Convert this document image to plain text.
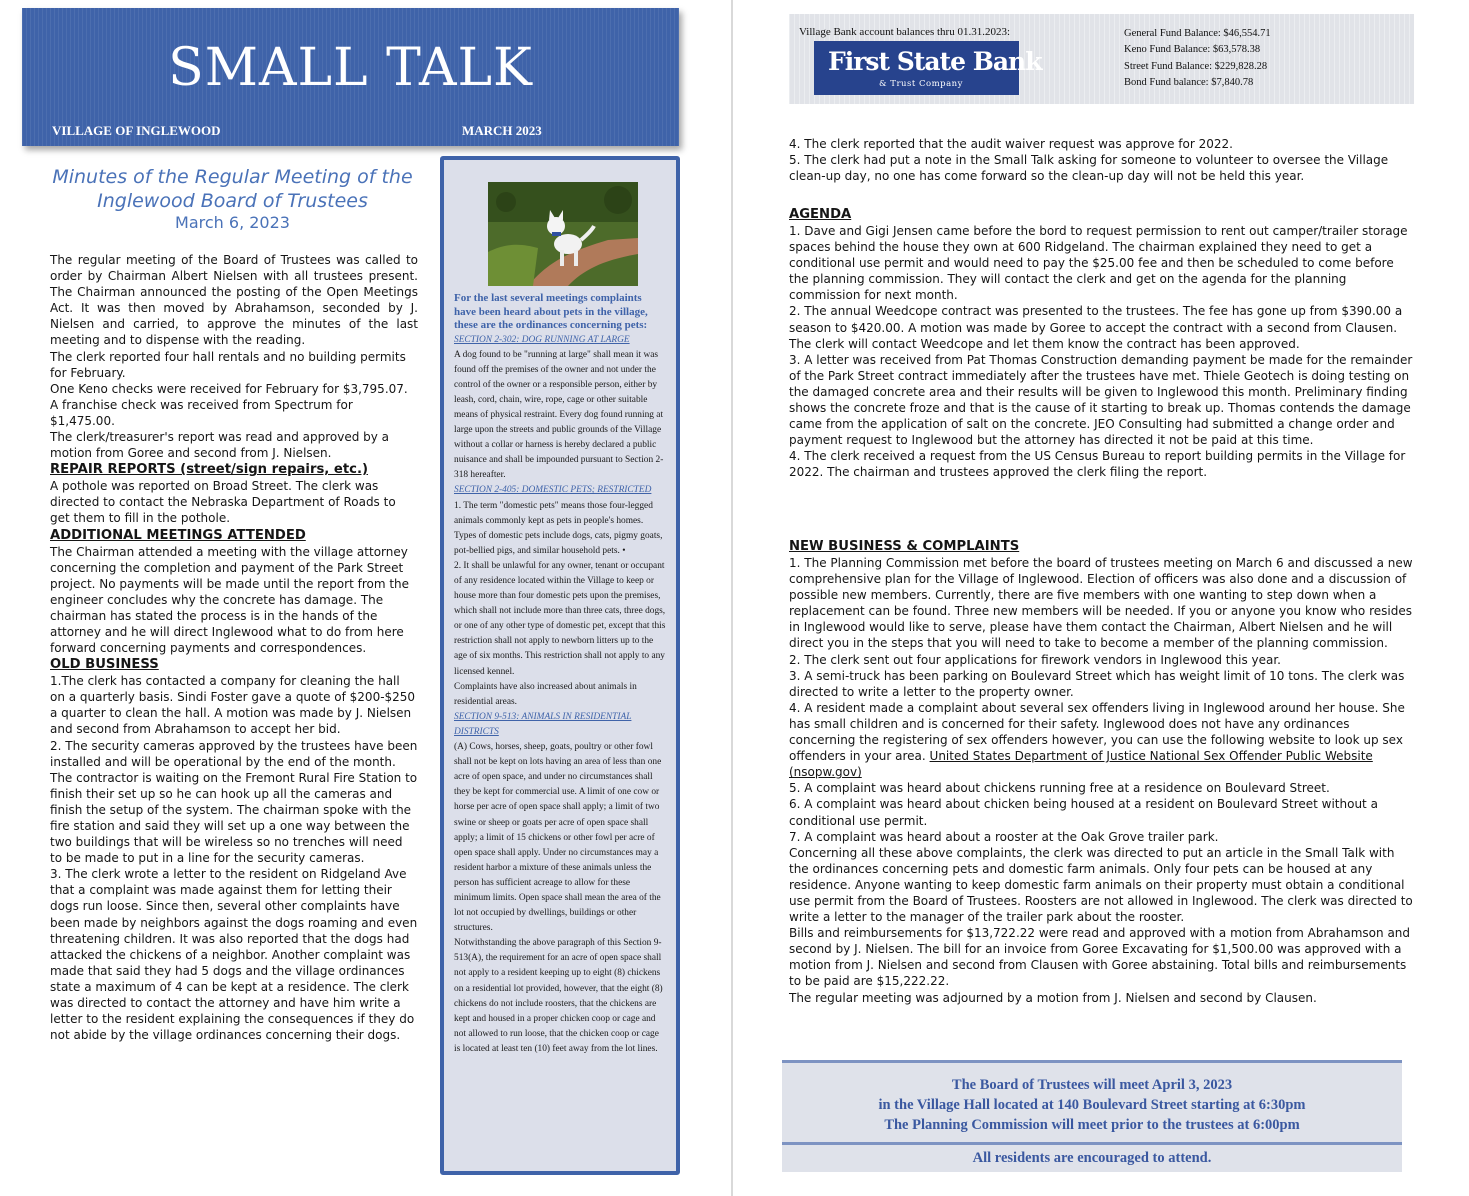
SMALL TALK
VILLAGE OF INGLEWOOD	MARCH 2023
Minutes of the Regular Meeting of the
Inglewood Board of Trustees
March 6, 2023

The regular meeting of the Board of Trustees was called to order by Chairman Albert Nielsen with all trustees present. The Chairman announced the posting of the Open Meetings Act. It was then moved by Abrahamson, seconded by J. Nielsen and carried, to approve the minutes of the last meeting and to dispense with the reading.

The clerk reported four hall rentals and no building permits for February.

One Keno checks were received for February for $3,795.07.

A franchise check was received from Spectrum for $1,475.00.

The clerk/treasurer's report was read and approved by a motion from Goree and second from J. Nielsen.

REPAIR REPORTS (street/sign repairs, etc.)

A pothole was reported on Broad Street. The clerk was directed to contact the Nebraska Department of Roads to get them to fill in the pothole.

ADDITIONAL MEETINGS ATTENDED

The Chairman attended a meeting with the village attorney concerning the completion and payment of the Park Street project. No payments will be made until the report from the engineer concludes why the concrete has damage. The chairman has stated the process is in the hands of the attorney and he will direct Inglewood what to do from here forward concerning payments and correspondences.

OLD BUSINESS

1.The clerk has contacted a company for cleaning the hall on a quarterly basis. Sindi Foster gave a quote of $200-$250 a quarter to clean the hall. A motion was made by J. Nielsen and second from Abrahamson to accept her bid.

2. The security cameras approved by the trustees have been installed and will be operational by the end of the month. The contractor is waiting on the Fremont Rural Fire Station to finish their set up so he can hook up all the cameras and finish the setup of the system. The chairman spoke with the fire station and said they will set up a one way between the two buildings that will be wireless so no trenches will need to be made to put in a line for the security cameras.

3. The clerk wrote a letter to the resident on Ridgeland Ave that a complaint was made against them for letting their dogs run loose. Since then, several other complaints have been made by neighbors against the dogs roaming and even threatening children. It was also reported that the dogs had attacked the chickens of a neighbor. Another complaint was made that said they had 5 dogs and the village ordinances state a maximum of 4 can be kept at a residence. The clerk was directed to contact the attorney and have him write a letter to the resident explaining the consequences if they do not abide by the village ordinances concerning their dogs.

For the last several meetings complaints have been heard about pets in the village, these are the ordinances concerning pets:
SECTION 2-302: DOG RUNNING AT LARGE
A dog found to be "running at large" shall mean it was found off the premises of the owner and not under the control of the owner or a responsible person, either by leash, cord, chain, wire, rope, cage or other suitable means of physical restraint. Every dog found running at large upon the streets and public grounds of the Village without a collar or harness is hereby declared a public nuisance and shall be impounded pursuant to Section 2-318 hereafter.
SECTION 2-405: DOMESTIC PETS; RESTRICTED
1. The term "domestic pets" means those four-legged animals commonly kept as pets in people's homes. Types of domestic pets include dogs, cats, pigmy goats, pot-bellied pigs, and similar household pets. •
2. It shall be unlawful for any owner, tenant or occupant of any residence located within the Village to keep or house more than four domestic pets upon the premises, which shall not include more than three cats, three dogs, or one of any other type of domestic pet, except that this restriction shall not apply to newborn litters up to the age of six months. This restriction shall not apply to any licensed kennel.
Complaints have also increased about animals in residential areas.
SECTION 9-513: ANIMALS IN RESIDENTIAL DISTRICTS
(A) Cows, horses, sheep, goats, poultry or other fowl shall not be kept on lots having an area of less than one acre of open space, and under no circumstances shall they be kept for commercial use. A limit of one cow or horse per acre of open space shall apply; a limit of two swine or sheep or goats per acre of open space shall apply; a limit of 15 chickens or other fowl per acre of open space shall apply. Under no circumstances may a resident harbor a mixture of these animals unless the person has sufficient acreage to allow for these minimum limits. Open space shall mean the area of the lot not occupied by dwellings, buildings or other structures.
Notwithstanding the above paragraph of this Section 9-513(A), the requirement for an acre of open space shall not apply to a resident keeping up to eight (8) chickens on a residential lot provided, however, that the eight (8) chickens do not include roosters, that the chickens are kept and housed in a proper chicken coop or cage and not allowed to run loose, that the chicken coop or cage is located at least ten (10) feet away from the lot lines.
Village Bank account balances thru 01.31.2023:
First State Bank
& Trust Company
General Fund Balance: $46,554.71
Keno Fund Balance: $63,578.38
Street Fund Balance: $229,828.28
Bond Fund balance: $7,840.78

4. The clerk reported that the audit waiver request was approve for 2022.

5. The clerk had put a note in the Small Talk asking for someone to volunteer to oversee the Village clean-up day, no one has come forward so the clean-up day will not be held this year.

AGENDA

1. Dave and Gigi Jensen came before the bord to request permission to rent out camper/trailer storage spaces behind the house they own at 600 Ridgeland. The chairman explained they need to get a conditional use permit and would need to pay the $25.00 fee and then be scheduled to come before the planning commission. They will contact the clerk and get on the agenda for the planning commission for next month.

2. The annual Weedcope contract was presented to the trustees. The fee has gone up from $390.00 a season to $420.00. A motion was made by Goree to accept the contract with a second from Clausen. The clerk will contact Weedcope and let them know the contract has been approved.

3. A letter was received from Pat Thomas Construction demanding payment be made for the remainder of the Park Street contract immediately after the trustees have met. Thiele Geotech is doing testing on the damaged concrete area and their results will be given to Inglewood this month. Preliminary finding shows the concrete froze and that is the cause of it starting to break up. Thomas contends the damage came from the application of salt on the concrete. JEO Consulting had submitted a change order and payment request to Inglewood but the attorney has directed it not be paid at this time.

4. The clerk received a request from the US Census Bureau to report building permits in the Village for 2022. The chairman and trustees approved the clerk filing the report.

NEW BUSINESS & COMPLAINTS

1. The Planning Commission met before the board of trustees meeting on March 6 and discussed a new comprehensive plan for the Village of Inglewood. Election of officers was also done and a discussion of possible new members. Currently, there are five members with one wanting to step down when a replacement can be found. Three new members will be needed. If you or anyone you know who resides in Inglewood would like to serve, please have them contact the Chairman, Albert Nielsen and he will direct you in the steps that you will need to take to become a member of the planning commission.

2. The clerk sent out four applications for firework vendors in Inglewood this year.

3. A semi-truck has been parking on Boulevard Street which has weight limit of 10 tons. The clerk was directed to write a letter to the property owner.

4. A resident made a complaint about several sex offenders living in Inglewood around her house. She has small children and is concerned for their safety. Inglewood does not have any ordinances concerning the registering of sex offenders however, you can use the following website to look up sex offenders in your area. United States Department of Justice National Sex Offender Public Website (nsopw.gov)

5. A complaint was heard about chickens running free at a residence on Boulevard Street.

6. A complaint was heard about chicken being housed at a resident on Boulevard Street without a conditional use permit.

7. A complaint was heard about a rooster at the Oak Grove trailer park.

Concerning all these above complaints, the clerk was directed to put an article in the Small Talk with the ordinances concerning pets and domestic farm animals. Only four pets can be housed at any residence. Anyone wanting to keep domestic farm animals on their property must obtain a conditional use permit from the Board of Trustees. Roosters are not allowed in Inglewood. The clerk was directed to write a letter to the manager of the trailer park about the rooster.

Bills and reimbursements for $13,722.22 were read and approved with a motion from Abrahamson and second by J. Nielsen. The bill for an invoice from Goree Excavating for $1,500.00 was approved with a motion from J. Nielsen and second from Clausen with Goree abstaining. Total bills and reimbursements to be paid are $15,222.22.

The regular meeting was adjourned by a motion from J. Nielsen and second by Clausen.

The Board of Trustees will meet April 3, 2023
in the Village Hall located at 140 Boulevard Street starting at 6:30pm
The Planning Commission will meet prior to the trustees at 6:00pm
All residents are encouraged to attend.
